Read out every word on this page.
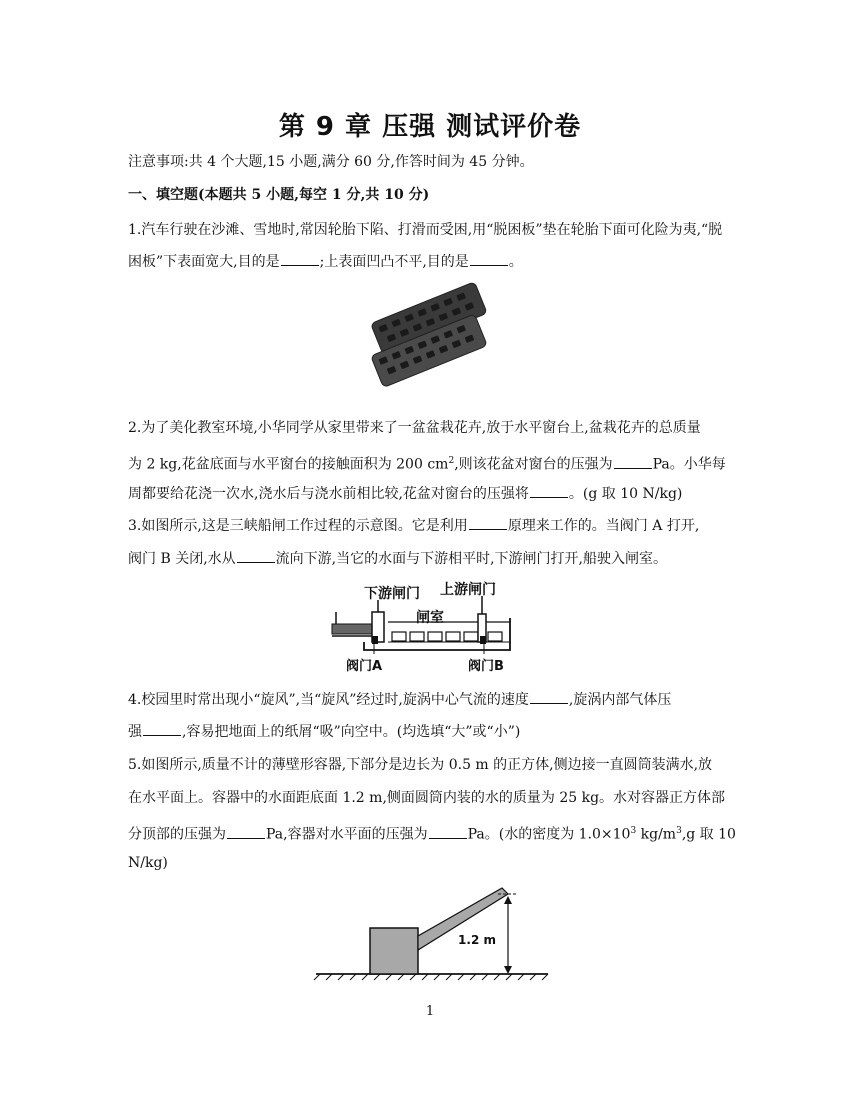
第 9 章 压强 测试评价卷
注意事项:共 4 个大题,15 小题,满分 60 分,作答时间为 45 分钟。
一、填空题(本题共 5 小题,每空 1 分,共 10 分)
1.汽车行驶在沙滩、雪地时,常因轮胎下陷、打滑而受困,用“脱困板”垫在轮胎下面可化险为夷,“脱
困板”下表面宽大,目的是	;上表面凹凸不平,目的是	。
2.为了美化教室环境,小华同学从家里带来了一盆盆栽花卉,放于水平窗台上,盆栽花卉的总质量
为 2 kg,花盆底面与水平窗台的接触面积为 200 $cm^2$,则该花盆对窗台的压强为	Pa。小华每
周都要给花浇一次水,浇水后与浇水前相比较,花盆对窗台的压强将	。(g 取 10 N/kg)
3.如图所示,这是三峡船闸工作过程的示意图。它是利用	原理来工作的。当阀门 A 打开,
阀门 B 关闭,水从	流向下游,当它的水面与下游相平时,下游闸门打开,船驶入闸室。
下游闸门 上游闸门
闸室
阀门A	阀门B
4.校园里时常出现小“旋风”,当“旋风”经过时,旋涡中心气流的速度	,旋涡内部气体压
强	,容易把地面上的纸屑“吸”向空中。(均选填“大”或“小”)
5.如图所示,质量不计的薄壁形容器,下部分是边长为 0.5 m 的正方体,侧边接一直圆筒装满水,放
在水平面上。容器中的水面距底面 1.2 m,侧面圆筒内装的水的质量为 25 kg。水对容器正方体部
分顶部的压强为	Pa,容器对水平面的压强为	Pa。(水的密度为 $1.0\times 10^3$ $kg/m^3,g$ 取 10
N/kg)
1.2 m
1
